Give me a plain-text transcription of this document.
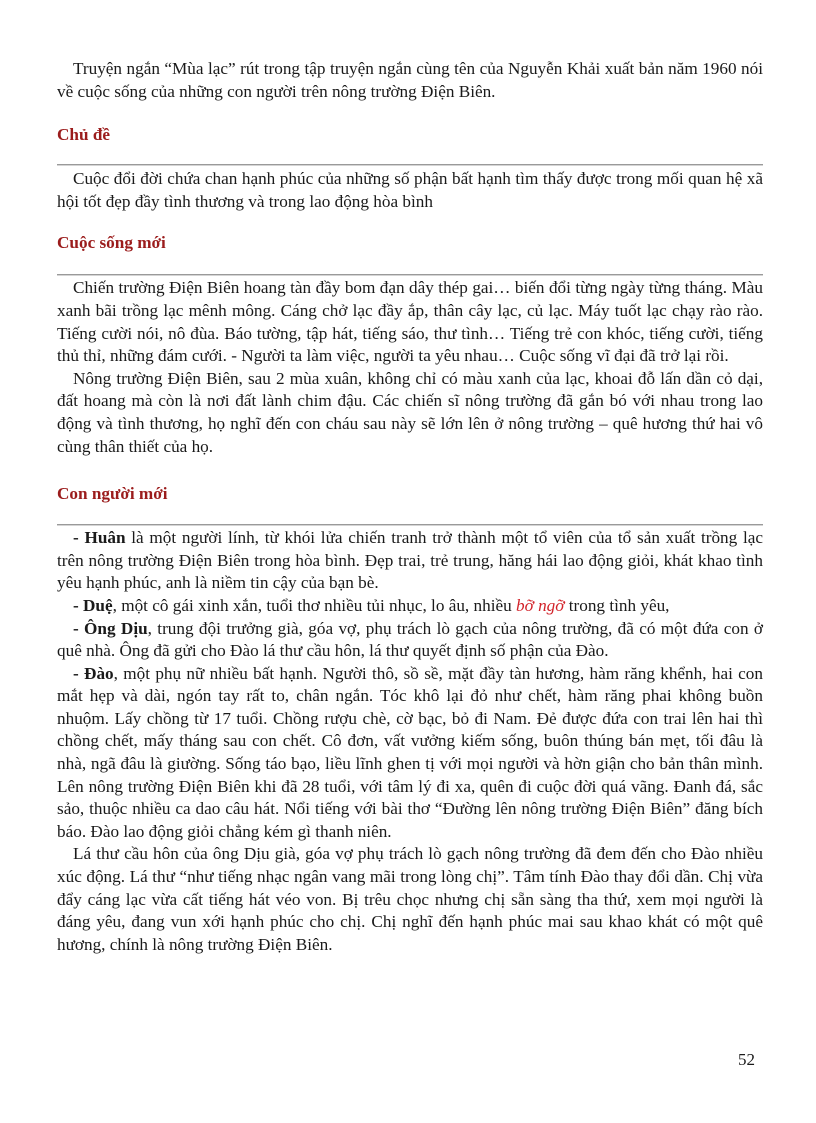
Truyện ngắn “Mùa lạc” rút trong tập truyện ngắn cùng tên của Nguyễn Khải xuất bản năm 1960 nói về cuộc sống của những con người trên nông trường Điện Biên.

Chủ đề

Cuộc đổi đời chứa chan hạnh phúc của những số phận bất hạnh tìm thấy được trong mối quan hệ xã hội tốt đẹp đầy tình thương và trong lao động hòa bình

Cuộc sống mới

Chiến trường Điện Biên hoang tàn đầy bom đạn dây thép gai… biến đổi từng ngày từng tháng. Màu xanh bãi trồng lạc mênh mông. Cáng chở lạc đầy ắp, thân cây lạc, củ lạc. Máy tuốt lạc chạy rào rào. Tiếng cười nói, nô đùa. Báo tường, tập hát, tiếng sáo, thư tình… Tiếng trẻ con khóc, tiếng cười, tiếng thủ thỉ, những đám cưới. - Người ta làm việc, người ta yêu nhau… Cuộc sống vĩ đại đã trở lại rồi.

Nông trường Điện Biên, sau 2 mùa xuân, không chỉ có màu xanh của lạc, khoai đỗ lấn dần cỏ dại, đất hoang mà còn là nơi đất lành chim đậu. Các chiến sĩ nông trường đã gắn bó với nhau trong lao động và tình thương, họ nghĩ đến con cháu sau này sẽ lớn lên ở nông trường – quê hương thứ hai vô cùng thân thiết của họ.

Con người mới

- Huân là một người lính, từ khói lửa chiến tranh trở thành một tổ viên của tổ sản xuất trồng lạc trên nông trường Điện Biên trong hòa bình. Đẹp trai, trẻ trung, hăng hái lao động giỏi, khát khao tình yêu hạnh phúc, anh là niềm tin cậy của bạn bè.

- Duệ, một cô gái xinh xắn, tuổi thơ nhiều tủi nhục, lo âu, nhiều bỡ ngỡ trong tình yêu,

- Ông Dịu, trung đội trưởng già, góa vợ, phụ trách lò gạch của nông trường, đã có một đứa con ở quê nhà. Ông đã gửi cho Đào lá thư cầu hôn, lá thư quyết định số phận của Đào.

- Đào, một phụ nữ nhiều bất hạnh. Người thô, sồ sề, mặt đầy tàn hương, hàm răng khểnh, hai con mắt hẹp và dài, ngón tay rất to, chân ngắn. Tóc khô lại đỏ như chết, hàm răng phai không buồn nhuộm. Lấy chồng từ 17 tuổi. Chồng rượu chè, cờ bạc, bỏ đi Nam. Đẻ được đứa con trai lên hai thì chồng chết, mấy tháng sau con chết. Cô đơn, vất vưởng kiếm sống, buôn thúng bán mẹt, tối đâu là nhà, ngã đâu là giường. Sống táo bạo, liều lĩnh ghen tị với mọi người và hờn giận cho bản thân mình. Lên nông trường Điện Biên khi đã 28 tuổi, với tâm lý đi xa, quên đi cuộc đời quá vãng. Đanh đá, sắc sảo, thuộc nhiều ca dao câu hát. Nổi tiếng với bài thơ “Đường lên nông trường Điện Biên” đăng bích báo. Đào lao động giỏi chẳng kém gì thanh niên.

Lá thư cầu hôn của ông Dịu già, góa vợ phụ trách lò gạch nông trường đã đem đến cho Đào nhiều xúc động. Lá thư “như tiếng nhạc ngân vang mãi trong lòng chị”. Tâm tính Đào thay đổi dần. Chị vừa đẩy cáng lạc vừa cất tiếng hát véo von. Bị trêu chọc nhưng chị sẵn sàng tha thứ, xem mọi người là đáng yêu, đang vun xới hạnh phúc cho chị. Chị nghĩ đến hạnh phúc mai sau khao khát có một quê hương, chính là nông trường Điện Biên.

52
